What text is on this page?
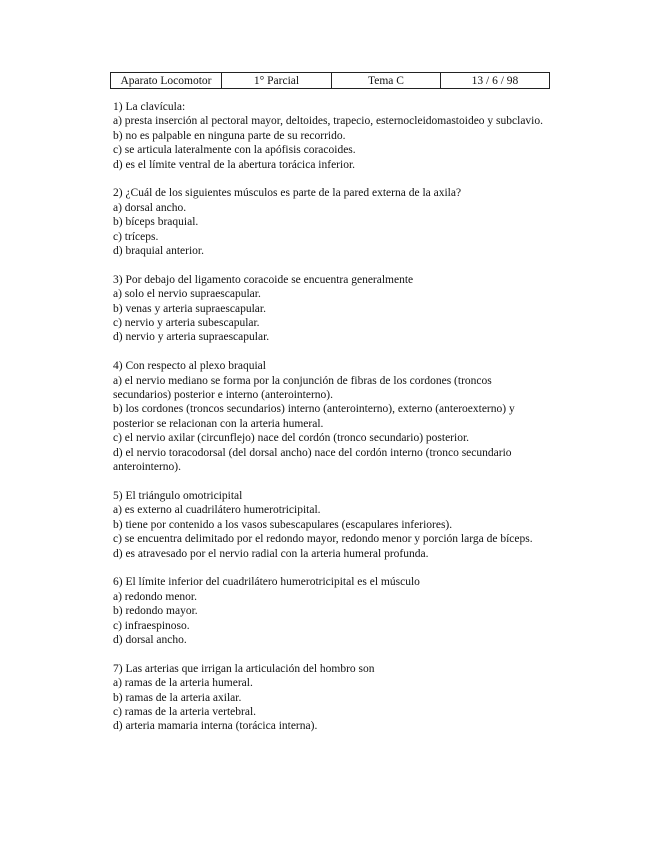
Aparato Locomotor	1° Parcial	Tema C	13 / 6 / 98

1) La clavícula:

a) presta inserción al pectoral mayor, deltoides, trapecio, esternocleidomastoideo y subclavio.

b) no es palpable en ninguna parte de su recorrido.

c) se articula lateralmente con la apófisis coracoides.

d) es el límite ventral de la abertura torácica inferior.

2) ¿Cuál de los siguientes músculos es parte de la pared externa de la axila?

a) dorsal ancho.

b) bíceps braquial.

c) tríceps.

d) braquial anterior.

3) Por debajo del ligamento coracoide se encuentra generalmente

a) solo el nervio supraescapular.

b) venas y arteria supraescapular.

c) nervio y arteria subescapular.

d) nervio y arteria supraescapular.

4) Con respecto al plexo braquial

a) el nervio mediano se forma por la conjunción de fibras de los cordones (troncos secundarios) posterior e interno (anterointerno).

b) los cordones (troncos secundarios) interno (anterointerno), externo (anteroexterno) y posterior se relacionan con la arteria humeral.

c) el nervio axilar (circunflejo) nace del cordón (tronco secundario) posterior.

d) el nervio toracodorsal (del dorsal ancho) nace del cordón interno (tronco secundario anterointerno).

5) El triángulo omotricipital

a) es externo al cuadrilátero humerotricipital.

b) tiene por contenido a los vasos subescapulares (escapulares inferiores).

c) se encuentra delimitado por el redondo mayor, redondo menor y porción larga de bíceps.

d) es atravesado por el nervio radial con la arteria humeral profunda.

6) El límite inferior del cuadrilátero humerotricipital es el músculo

a) redondo menor.

b) redondo mayor.

c) infraespinoso.

d) dorsal ancho.

7) Las arterias que irrigan la articulación del hombro son

a) ramas de la arteria humeral.

b) ramas de la arteria axilar.

c) ramas de la arteria vertebral.

d) arteria mamaria interna (torácica interna).
